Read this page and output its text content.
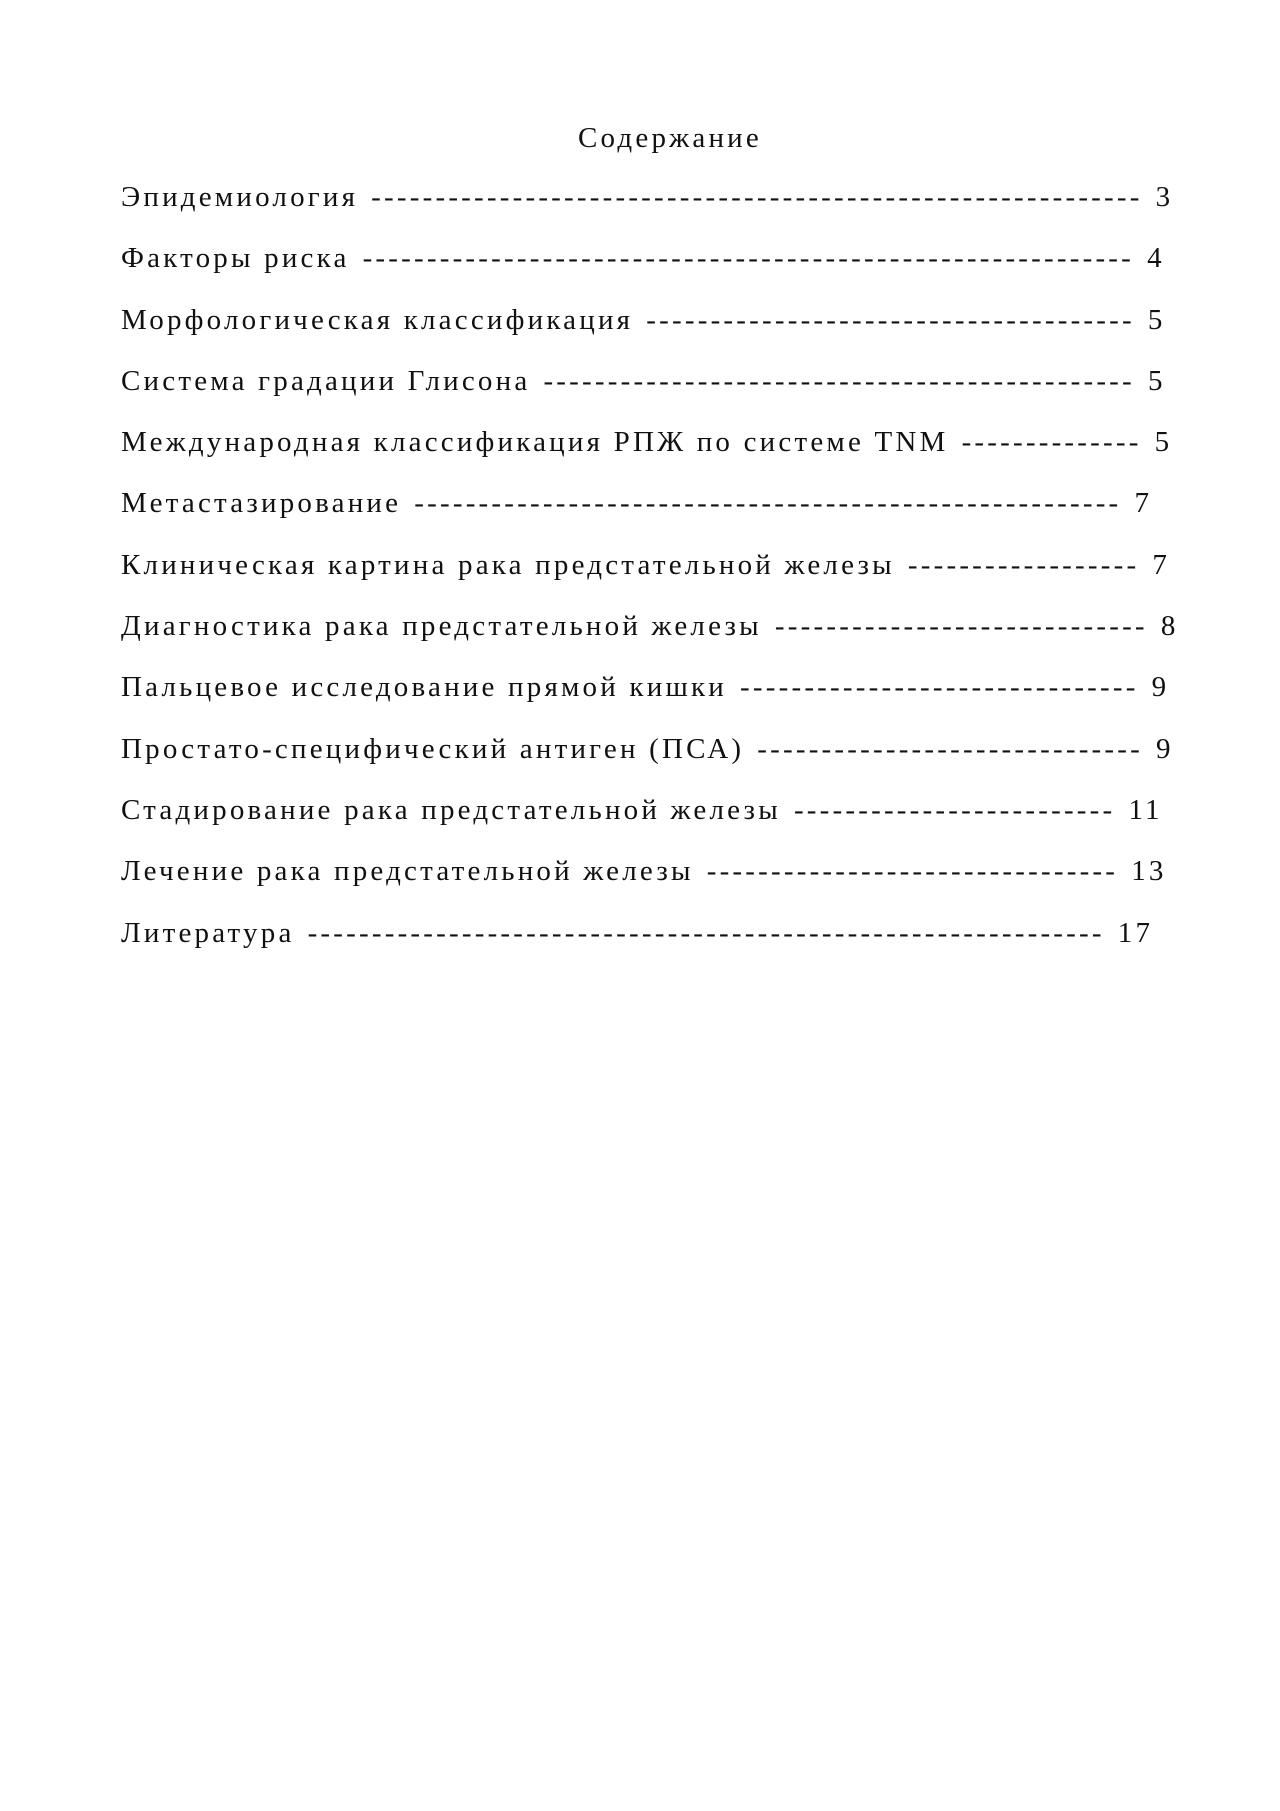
Содержание
Эпидемиология ------------------------------------------------------------ 3
Факторы риска ------------------------------------------------------------ 4
Морфологическая классификация -------------------------------------- 5
Система градации Глисона ---------------------------------------------- 5
Международная классификация РПЖ по системе TNM -------------- 5
Метастазирование ------------------------------------------------------- 7
Клиническая картина рака предстательной железы ------------------ 7
Диагностика рака предстательной железы ----------------------------- 8
Пальцевое исследование прямой кишки ------------------------------- 9
Простато-специфический антиген (ПСА) ------------------------------ 9
Стадирование рака предстательной железы ------------------------- 11
Лечение рака предстательной железы -------------------------------- 13
Литература -------------------------------------------------------------- 17
